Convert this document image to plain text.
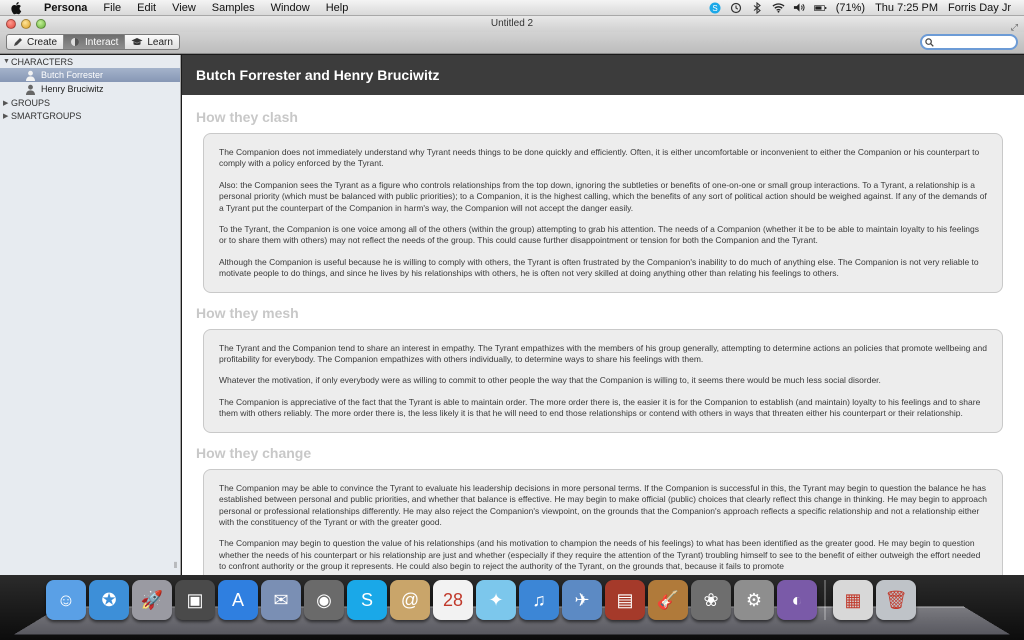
Persona	File	Edit	View	Samples	Window	Help	S	(71%) Thu 7:25 PM Forris Day Jr
Untitled 2	⤢
Create	Interact	Learn
▼ CHARACTERS
Butch Forrester
Henry Bruciwitz
▶ GROUPS
▶ SMARTGROUPS
⦀
Butch Forrester and Henry Bruciwitz
How they clash

The Companion does not immediately understand why Tyrant needs things to be done quickly and efficiently. Often, it is either uncomfortable or inconvenient to either the Companion or his counterpart to comply with a policy enforced by the Tyrant.

Also: the Companion sees the Tyrant as a figure who controls relationships from the top down, ignoring the subtleties or benefits of one-on-one or small group interactions. To a Tyrant, a relationship is a personal priority (which must be balanced with public priorities); to a Companion, it is the highest calling, which the benefits of any sort of political action should be weighed against. If any of the demands of a Tyrant put the counterpart of the Companion in harm's way, the Companion will not accept the danger easily.

To the Tyrant, the Companion is one voice among all of the others (within the group) attempting to grab his attention. The needs of a Companion (whether it be to be able to maintain loyalty to his feelings or to share them with others) may not reflect the needs of the group. This could cause further disappointment or tension for both the Companion and the Tyrant.

Although the Companion is useful because he is willing to comply with others, the Tyrant is often frustrated by the Companion's inability to do much of anything else. The Companion is not very reliable to motivate people to do things, and since he lives by his relationships with others, he is often not very skilled at doing anything other than relating his feelings to others.

How they mesh

The Tyrant and the Companion tend to share an interest in empathy. The Tyrant empathizes with the members of his group generally, attempting to determine actions an policies that promote wellbeing and profitability for everybody. The Companion empathizes with others individually, to determine ways to share his feelings with them.

Whatever the motivation, if only everybody were as willing to commit to other people the way that the Companion is willing to, it seems there would be much less social disorder.

The Companion is appreciative of the fact that the Tyrant is able to maintain order. The more order there is, the easier it is for the Companion to establish (and maintain) loyalty to his feelings and to share them with others reliably. The more order there is, the less likely it is that he will need to end those relationships or contend with others in ways that threaten either his counterpart or their relationship.

How they change

The Companion may be able to convince the Tyrant to evaluate his leadership decisions in more personal terms. If the Companion is successful in this, the Tyrant may begin to question the balance he has established between personal and public priorities, and whether that balance is effective. He may begin to make official (public) choices that clearly reflect this change in thinking. He may begin to approach personal or professional relationships differently. He may also reject the Companion's viewpoint, on the grounds that the Companion's approach reflects a specific relationship and not a relationship either with the constituency of the Tyrant or with the greater good.

The Companion may begin to question the value of his relationships (and his motivation to champion the needs of his feelings) to what has been identified as the greater good. He may begin to question whether the needs of his counterpart or his relationship are just and whether (especially if they require the attention of the Tyrant) troubling himself to see to the benefit of either outweigh the effort needed to confront authority or the group it represents. He could also begin to reject the authority of the Tyrant, on the grounds that, because it fails to promote

☺	✪	🚀	▣	A	✉	◉	S	@	28	✦	♫	✈	▤	🎸	❀	⚙	◐	▦	🗑
